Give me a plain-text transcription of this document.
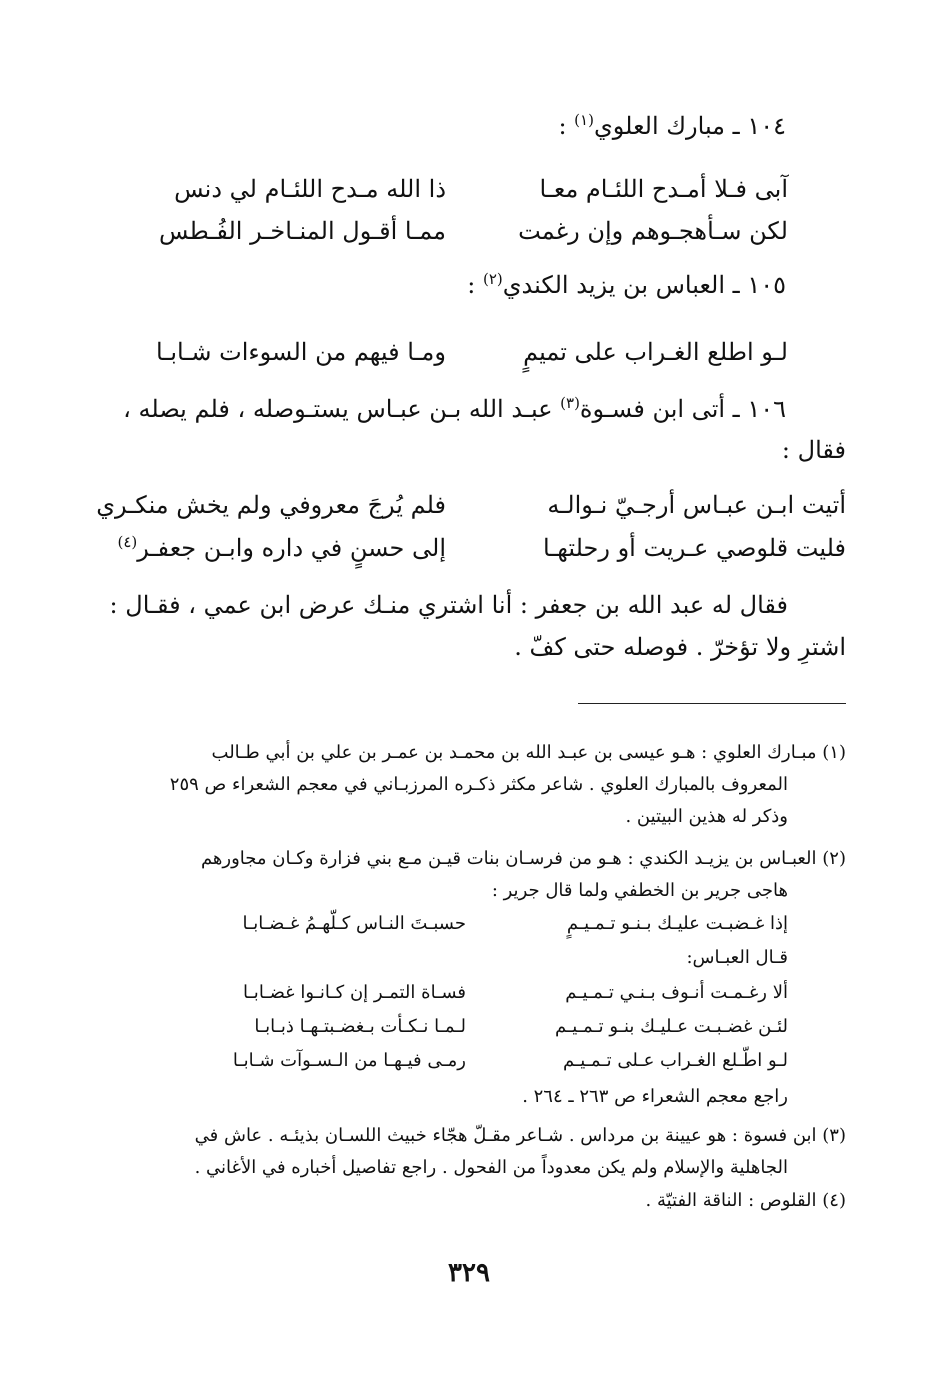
١٠٤ ـ مبارك العلوي$^{(١)}$ :
آبى فـلا أمـدح اللئـام معـا
ذا الله مـدح اللئـام لي دنس
لكن سـأهجـوهم وإن رغمت
ممـا أقـول المنـاخـر الفُـطس
١٠٥ ـ العباس بن يزيد الكندي$^{(٢)}$ :
لـو اطلع الغـراب على تميمٍ
ومـا فيهم من السوءات شـابـا
١٠٦ ـ أتى ابن فسـوة$^{(٣)}$ عبـد الله بـن عبـاس يستـوصله ، فلم يصله ،
فقال :
أتيت ابـن عبـاس أرجـيّ نـوالـه
فلم يُرجَ معروفي ولم يخش منكـري
فليت قلوصي عـريت أو رحلتهـا
إلى حسنٍ في داره وابـن جعفـر$^{(٤)}$
فقال له عبد الله بن جعفر : أنا اشتري منـك عرض ابن عمي ، فقـال :
اشترِ ولا تؤخرّ . فوصله حتى كفّ .
(١) مبـارك العلوي : هـو عيسى بن عبـد الله بن محمـد بن عمـر بن علي بن أبي طـالب
المعروف بالمبارك العلوي . شاعر مكثر ذكـره المرزبـاني في معجم الشعراء ص ٢٥٩
وذكر له هذين البيتين .
(٢) العبـاس بن يزيـد الكندي : هـو من فرسـان بنات قيـن مـع بني فزارة وكـان مجاورهم
هاجى جرير بن الخطفي ولما قال جرير :
إذا غـضبـت عليـك بـنـو تـمـيـمٍ
حسبـتَ النـاس كـلّهـمُ غـضـابـا
قـال العبـاس:
ألا رغـمـت أنـوف بـنـي تـمـيـم
فسـاة التمـر إن كـانـوا غضـابـا
لئـن غضـبـت عـليـك بنـو تـمـيـم
لـمـا نـكـأت بـغضـبتـهـا ذبـابـا
لـو اطّـلع الغـراب عـلى تـمـيـم
رمـى فيـهـا من الـسـوآت شـابـا
راجع معجم الشعراء ص ٢٦٣ ـ ٢٦٤ .
(٣) ابن فسوة : هو عيينة بن مرداس . شـاعر مقـلّ هجّاء خبيث اللسـان بذيئـه . عاش في
الجاهلية والإسلام ولم يكن معدوداً من الفحول . راجع تفاصيل أخباره في الأغاني .
(٤) القلوص : الناقة الفتيّة .
٣٢٩
